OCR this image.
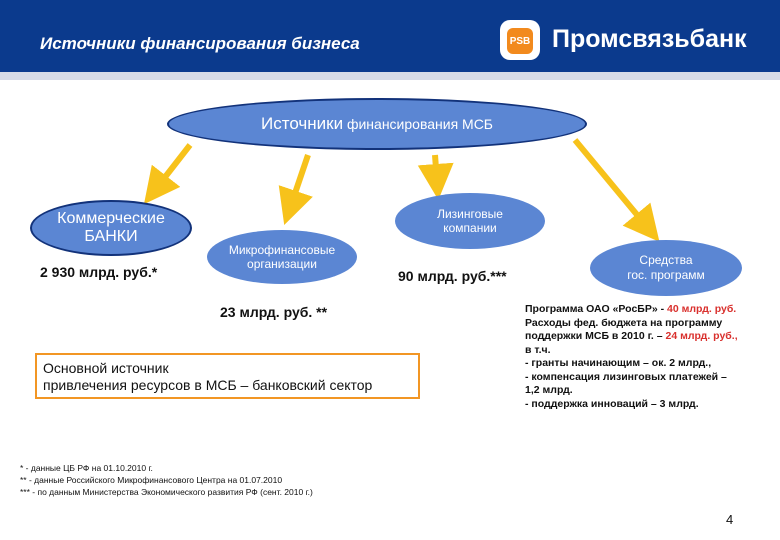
Источники финансирования бизнеса	PSB Промсвязьбанк
Источники финансирования МСБ
Коммерческие
БАНКИ
Микрофинансовые
организации
Лизинговые
компании
Средства
гос. программ
2 930 млрд. руб.*
23 млрд. руб. **
90 млрд. руб.***
Основной источник
привлечения ресурсов в МСБ – банковский сектор
Программа ОАО «РосБР» - 40 млрд. руб.
Расходы фед. бюджета на программу
поддержки МСБ в 2010 г. – 24 млрд. руб.,
в т.ч.
- гранты начинающим – ок. 2 млрд.,
- компенсация лизинговых платежей –
1,2 млрд.
- поддержка инноваций – 3 млрд.
* - данные ЦБ РФ на 01.10.2010 г.
** - данные Российского Микрофинансового Центра на 01.07.2010
*** - по данным Министерства Экономического развития РФ (сент. 2010 г.)
4
